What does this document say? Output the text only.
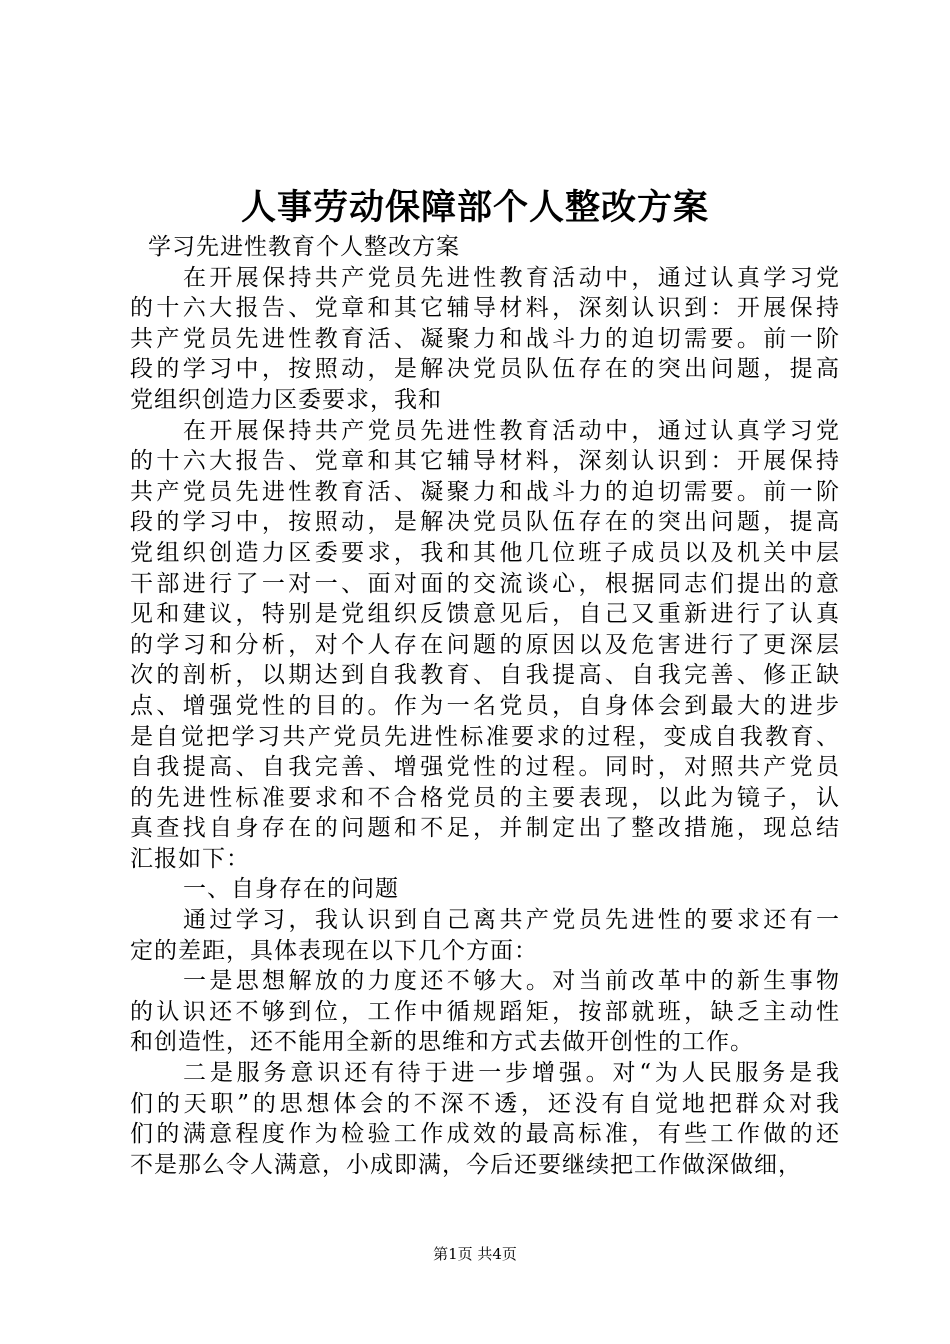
人事劳动保障部个人整改方案
学习先进性教育个人整改方案
在开展保持共产党员先进性教育活动中，通过认真学习党
的十六大报告、党章和其它辅导材料，深刻认识到：开展保持
共产党员先进性教育活、凝聚力和战斗力的迫切需要。前一阶
段的学习中，按照动，是解决党员队伍存在的突出问题，提高
党组织创造力区委要求，我和
在开展保持共产党员先进性教育活动中，通过认真学习党
的十六大报告、党章和其它辅导材料，深刻认识到：开展保持
共产党员先进性教育活、凝聚力和战斗力的迫切需要。前一阶
段的学习中，按照动，是解决党员队伍存在的突出问题，提高
党组织创造力区委要求，我和其他几位班子成员以及机关中层
干部进行了一对一、面对面的交流谈心，根据同志们提出的意
见和建议，特别是党组织反馈意见后，自己又重新进行了认真
的学习和分析，对个人存在问题的原因以及危害进行了更深层
次的剖析，以期达到自我教育、自我提高、自我完善、修正缺
点、增强党性的目的。作为一名党员，自身体会到最大的进步
是自觉把学习共产党员先进性标准要求的过程，变成自我教育、
自我提高、自我完善、增强党性的过程。同时，对照共产党员
的先进性标准要求和不合格党员的主要表现，以此为镜子，认
真查找自身存在的问题和不足，并制定出了整改措施，现总结
汇报如下：
一、自身存在的问题
通过学习，我认识到自己离共产党员先进性的要求还有一
定的差距，具体表现在以下几个方面：
一是思想解放的力度还不够大。对当前改革中的新生事物
的认识还不够到位，工作中循规蹈矩，按部就班，缺乏主动性
和创造性，还不能用全新的思维和方式去做开创性的工作。
二是服务意识还有待于进一步增强。对“为人民服务是我
们的天职”的思想体会的不深不透，还没有自觉地把群众对我
们的满意程度作为检验工作成效的最高标准，有些工作做的还
不是那么令人满意，小成即满，今后还要继续把工作做深做细，
第1页 共4页
